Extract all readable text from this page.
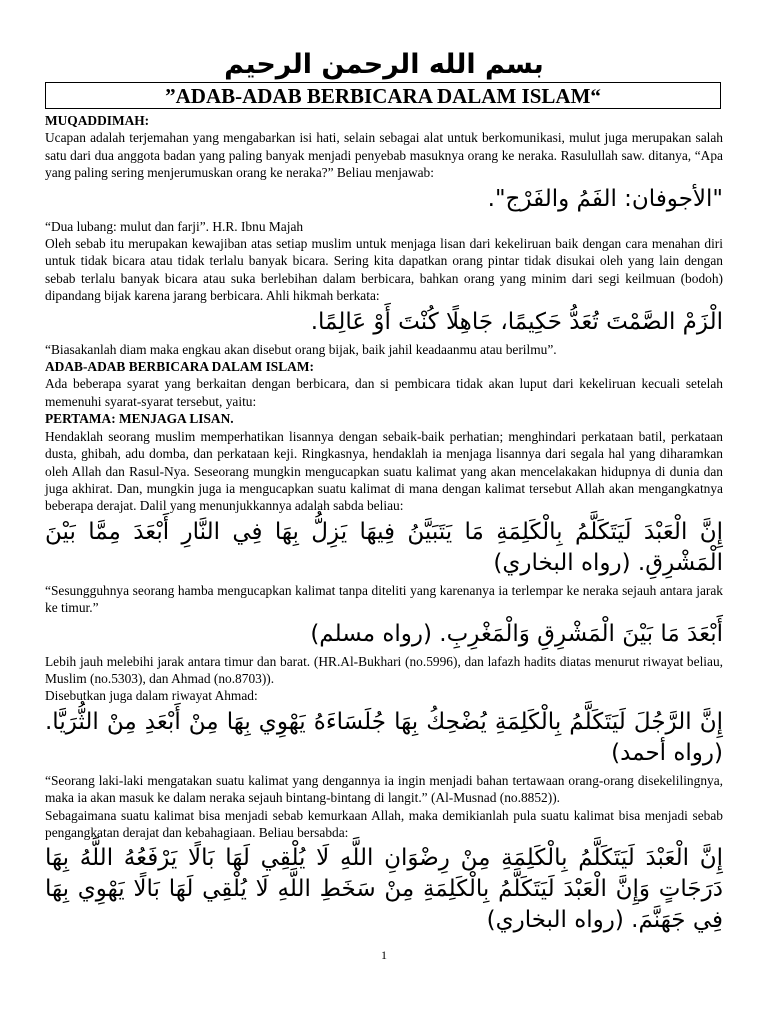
بسم الله الرحمن الرحيم
”ADAB-ADAB BERBICARA DALAM ISLAM“
MUQADDIMAH:

Ucapan adalah terjemahan yang mengabarkan isi hati, selain sebagai alat untuk berkomunikasi, mulut juga merupakan salah satu dari dua anggota badan yang paling banyak menjadi penyebab masuknya orang ke neraka. Rasulullah saw. ditanya, “Apa yang paling sering menjerumuskan orang ke neraka?” Beliau menjawab:

"الأجوفان: الفَمُ والفَرْج".

“Dua lubang: mulut dan farji”. H.R. Ibnu Majah

Oleh sebab itu merupakan kewajiban atas setiap muslim untuk menjaga lisan dari kekeliruan baik dengan cara menahan diri untuk tidak bicara atau tidak terlalu banyak bicara. Sering kita dapatkan orang pintar tidak disukai oleh yang lain dengan sebab terlalu banyak bicara atau suka berlebihan dalam berbicara, bahkan orang yang minim dari segi keilmuan (bodoh) dipandang bijak karena jarang berbicara. Ahli hikmah berkata:

الْزَمْ الصَّمْتَ تُعَدُّ حَكِيمًا، جَاهِلًا كُنْتَ أَوْ عَالِمًا.

“Biasakanlah diam maka engkau akan disebut orang bijak, baik jahil keadaanmu atau berilmu”.

ADAB-ADAB BERBICARA DALAM ISLAM:

Ada beberapa syarat yang berkaitan dengan berbicara, dan si pembicara tidak akan luput dari kekeliruan kecuali setelah memenuhi syarat-syarat tersebut, yaitu:

PERTAMA: MENJAGA LISAN.

Hendaklah seorang muslim memperhatikan lisannya dengan sebaik-baik perhatian; menghindari perkataan batil, perkataan dusta, ghibah, adu domba, dan perkataan keji. Ringkasnya, hendaklah ia menjaga lisannya dari segala hal yang diharamkan oleh Allah dan Rasul-Nya. Seseorang mungkin mengucapkan suatu kalimat yang akan mencelakakan hidupnya di dunia dan juga akhirat. Dan, mungkin juga ia mengucapkan suatu kalimat di mana dengan kalimat tersebut Allah akan mengangkatnya beberapa derajat. Dalil yang menunjukkannya adalah sabda beliau:

إِنَّ الْعَبْدَ لَيَتَكَلَّمُ بِالْكَلِمَةِ مَا يَتَبَيَّنُ فِيهَا يَزِلُّ بِهَا فِي النَّارِ أَبْعَدَ مِمَّا بَيْنَ الْمَشْرِقِ. (رواه البخاري)

“Sesungguhnya seorang hamba mengucapkan kalimat tanpa diteliti yang karenanya ia terlempar ke neraka sejauh antara jarak ke timur.”

أَبْعَدَ مَا بَيْنَ الْمَشْرِقِ وَالْمَغْرِبِ. (رواه مسلم)

Lebih jauh melebihi jarak antara timur dan barat. (HR.Al-Bukhari (no.5996), dan lafazh hadits diatas menurut riwayat beliau, Muslim (no.5303), dan Ahmad (no.8703)).

Disebutkan juga dalam riwayat Ahmad:

إِنَّ الرَّجُلَ لَيَتَكَلَّمُ بِالْكَلِمَةِ يُضْحِكُ بِهَا جُلَسَاءَهُ يَهْوِي بِهَا مِنْ أَبْعَدِ مِنْ الثُّرَيَّا. (رواه أحمد)

“Seorang laki-laki mengatakan suatu kalimat yang dengannya ia ingin menjadi bahan tertawaan orang-orang disekelilingnya, maka ia akan masuk ke dalam neraka sejauh bintang-bintang di langit.” (Al-Musnad (no.8852)).

Sebagaimana suatu kalimat bisa menjadi sebab kemurkaan Allah, maka demikianlah pula suatu kalimat bisa menjadi sebab pengangkatan derajat dan kebahagiaan. Beliau bersabda:

إِنَّ الْعَبْدَ لَيَتَكَلَّمُ بِالْكَلِمَةِ مِنْ رِضْوَانِ اللَّهِ لَا يُلْقِي لَهَا بَالًا يَرْفَعُهُ اللَّهُ بِهَا دَرَجَاتٍ وَإِنَّ الْعَبْدَ لَيَتَكَلَّمُ بِالْكَلِمَةِ مِنْ سَخَطِ اللَّهِ لَا يُلْقِي لَهَا بَالًا يَهْوِي بِهَا فِي جَهَنَّمَ. (رواه البخاري)
1
